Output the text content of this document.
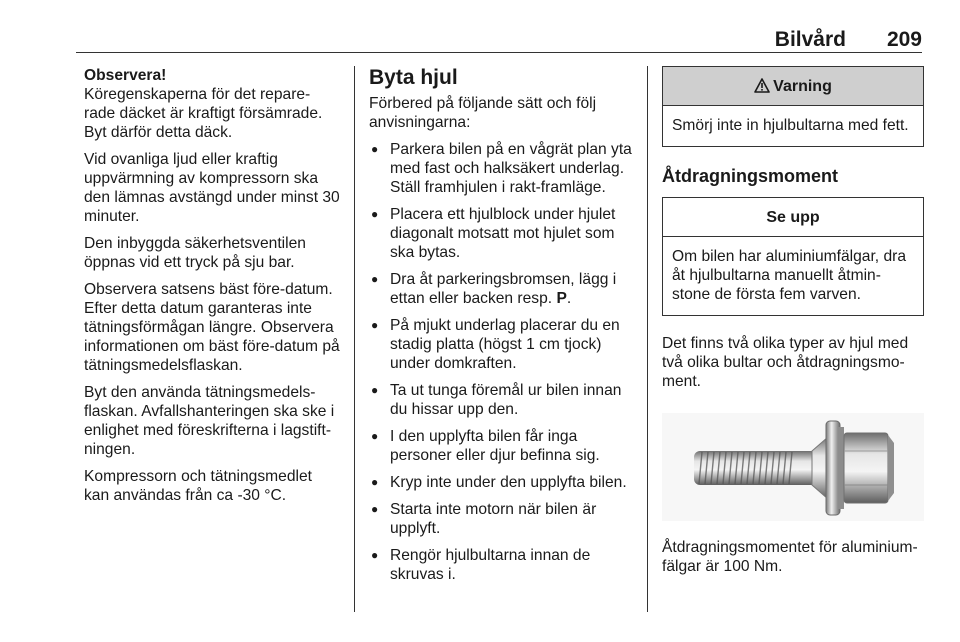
Bilvård 209
Observera!

Köregenskaperna för det repare-rade däcket är kraftigt försämrade. Byt därför detta däck.

Vid ovanliga ljud eller kraftig uppvärmning av kompressorn ska den lämnas avstängd under minst 30 minuter.

Den inbyggda säkerhetsventilen öppnas vid ett tryck på sju bar.

Observera satsens bäst före-datum. Efter detta datum garanteras inte tätningsförmågan längre. Observera informationen om bäst före-datum på tätningsmedelsflaskan.

Byt den använda tätningsmedels-flaskan. Avfallshanteringen ska ske i enlighet med föreskrifterna i lagstift-ningen.

Kompressorn och tätningsmedlet kan användas från ca -30 °C.

Byta hjul

Förbered på följande sätt och följ anvisningarna:

● Parkera bilen på en vågrät plan yta med fast och halksäkert underlag. Ställ framhjulen i rakt-framläge.
● Placera ett hjulblock under hjulet diagonalt motsatt mot hjulet som ska bytas.
● Dra åt parkeringsbromsen, lägg i ettan eller backen resp. P.
● På mjukt underlag placerar du en stadig platta (högst 1 cm tjock) under domkraften.
● Ta ut tunga föremål ur bilen innan du hissar upp den.
● I den upplyfta bilen får inga personer eller djur befinna sig.
● Kryp inte under den upplyfta bilen.
● Starta inte motorn när bilen är upplyft.
● Rengör hjulbultarna innan de skruvas i.
Varning
Smörj inte in hjulbultarna med fett.
Åtdragningsmoment
Se upp
Om bilen har aluminiumfälgar, dra åt hjulbultarna manuellt åtmin-stone de första fem varven.

Det finns två olika typer av hjul med två olika bultar och åtdragningsmo-ment.

Åtdragningsmomentet för aluminium-fälgar är 100 Nm.
